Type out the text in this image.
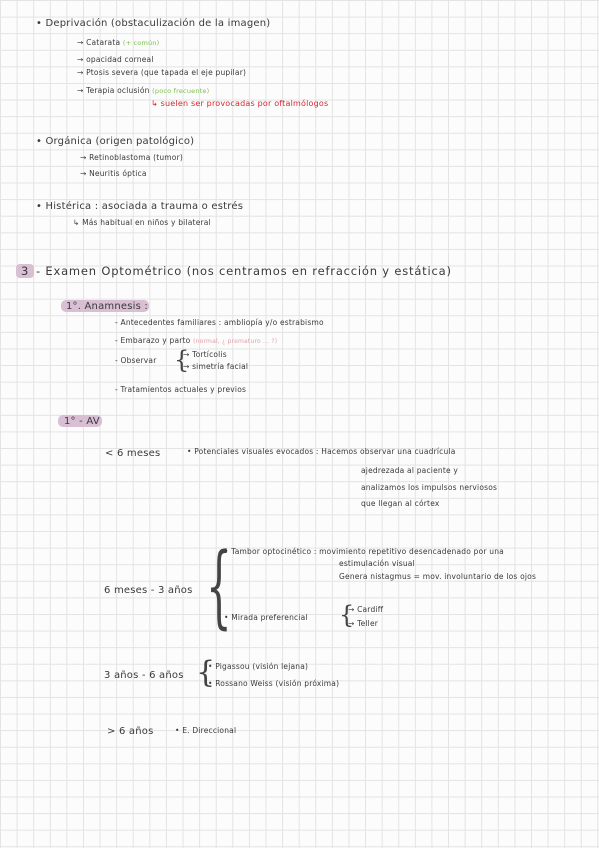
• Deprivación (obstaculización de la imagen)
→ Catarata (+ común)
→ opacidad corneal
→ Ptosis severa (que tapada el eje pupilar)
→ Terapia oclusión (poco frecuente)
↳ suelen ser provocadas por oftalmólogos
• Orgánica (origen patológico)
→ Retinoblastoma (tumor)
→ Neuritis óptica
• Histérica : asociada a trauma o estrés
↳ Más habitual en niños y bilateral
3 - Examen Optométrico (nos centramos en refracción y estática)
1°. Anamnesis :
- Antecedentes familiares : ambliopía y/o estrabismo
- Embarazo y parto (normal, ¿ prematuro ... ?)
- Observar {
→ Tortícolis
→ simetría facial
- Tratamientos actuales y previos
1° - AV
< 6 meses	• Potenciales visuales evocados : Hacemos observar una cuadrícula
ajedrezada al paciente y
analizamos los impulsos nerviosos
que llegan al córtex
6 meses - 3 años {
• Tambor optocinético : movimiento repetitivo desencadenado por una
estimulación visual
Genera nistagmus = mov. involuntario de los ojos
• Mirada preferencial {
→ Cardiff
→ Teller
3 años - 6 años {
• Pigassou (visión lejana)
• Rossano Weiss (visión próxima)
> 6 años	• E. Direccional
